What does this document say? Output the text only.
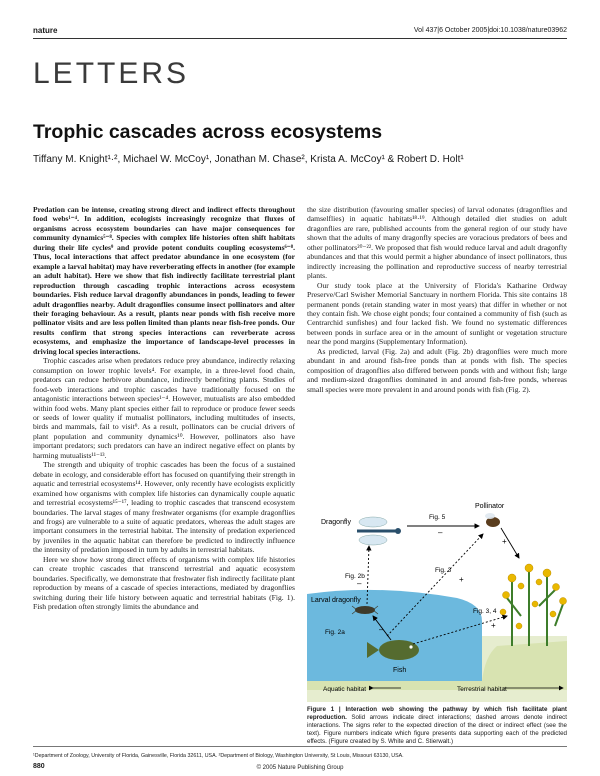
nature	Vol 437|6 October 2005|doi:10.1038/nature03962
LETTERS
Trophic cascades across ecosystems
Tiffany M. Knight¹·², Michael W. McCoy¹, Jonathan M. Chase², Krista A. McCoy¹ & Robert D. Holt¹

Predation can be intense, creating strong direct and indirect effects throughout food webs¹⁻⁴. In addition, ecologists increasingly recognize that fluxes of organisms across ecosystem boundaries can have major consequences for community dynamics⁵⁻⁸. Species with complex life histories often shift habitats during their life cycles⁹ and provide potent conduits coupling ecosystems⁶⁻⁸. Thus, local interactions that affect predator abundance in one ecosystem (for example a larval habitat) may have reverberating effects in another (for example an adult habitat). Here we show that fish indirectly facilitate terrestrial plant reproduction through cascading trophic interactions across ecosystem boundaries. Fish reduce larval dragonfly abundances in ponds, leading to fewer adult dragonflies nearby. Adult dragonflies consume insect pollinators and alter their foraging behaviour. As a result, plants near ponds with fish receive more pollinator visits and are less pollen limited than plants near fish-free ponds. Our results confirm that strong species interactions can reverberate across ecosystems, and emphasize the importance of landscape-level processes in driving local species interactions.

Trophic cascades arise when predators reduce prey abundance, indirectly relaxing consumption on lower trophic levels⁴. For example, in a three-level food chain, predators can reduce herbivore abundance, indirectly benefiting plants. Studies of food-web interactions and trophic cascades have traditionally focused on the antagonistic interactions between species¹⁻⁴. However, mutualists are also embedded within food webs. Many plant species either fail to reproduce or produce fewer seeds or seeds of lower quality if mutualist pollinators, including multitudes of insects, birds and mammals, fail to visit⁹. As a result, pollinators can be crucial drivers of plant population and community dynamics¹⁰. However, pollinators also have important predators; such predators can have an indirect negative effect on plants by harming mutualists¹¹⁻¹³.

The strength and ubiquity of trophic cascades has been the focus of a sustained debate in ecology, and considerable effort has focused on quantifying their strength in aquatic and terrestrial ecosystems¹⁴. However, only recently have ecologists explicitly examined how organisms with complex life histories can dynamically couple aquatic and terrestrial ecosystems¹⁵⁻¹⁷, leading to trophic cascades that transcend ecosystem boundaries. The larval stages of many freshwater organisms (for example dragonflies and frogs) are vulnerable to a suite of aquatic predators, whereas the adult stages are important consumers in the terrestrial habitat. The intensity of predation experienced by juveniles in the aquatic habitat can therefore be predicted to indirectly influence the intensity of predation imposed in turn by adults in terrestrial habitats.

Here we show how strong direct effects of organisms with complex life histories can create trophic cascades that transcend terrestrial and aquatic ecosystem boundaries. Specifically, we demonstrate that freshwater fish indirectly facilitate plant reproduction by means of a cascade of species interactions, mediated by dragonflies switching during their life history between aquatic and terrestrial habitats (Fig. 1). Fish predation often strongly limits the abundance and

the size distribution (favouring smaller species) of larval odonates (dragonflies and damselflies) in aquatic habitats¹⁸·¹⁹. Although detailed diet studies on adult dragonflies are rare, published accounts from the general region of our study have shown that the adults of many dragonfly species are voracious predators of bees and other pollinators²⁰⁻²². We proposed that fish would reduce larval and adult dragonfly abundances and that this would permit a higher abundance of insect pollinators, thus indirectly increasing the pollination and reproductive success of nearby terrestrial plants.

Our study took place at the University of Florida's Katharine Ordway Preserve/Carl Swisher Memorial Sanctuary in northern Florida. This site contains 18 permanent ponds (retain standing water in most years) that differ in whether or not they contain fish. We chose eight ponds; four contained a community of fish (such as Centrarchid sunfishes) and four lacked fish. We found no systematic differences between ponds in surface area or in the amount of sunlight or vegetation structure near the pond margins (Supplementary Information).

As predicted, larval (Fig. 2a) and adult (Fig. 2b) dragonflies were much more abundant in and around fish-free ponds than at ponds with fish. The species composition of dragonflies also differed between ponds with and without fish; large and medium-sized dragonflies dominated in and around fish-free ponds, whereas small species were more prevalent in and around ponds with fish (Fig. 2).

Dragonfly
Pollinator
Larval dragonfly
Fish
Fig. 5
–
+
Fig. 3
+
Fig. 3, 4
+
Fig. 2b
Fig. 2a	–
–
Aquatic habitat	Terrestrial habitat
Figure 1 | Interaction web showing the pathway by which fish facilitate plant reproduction. Solid arrows indicate direct interactions; dashed arrows denote indirect interactions. The signs refer to the expected direction of the direct or indirect effect (see the text). Figure numbers indicate which figure presents data supporting each of the predicted effects. (Figure created by S. White and C. Stierwalt.)
¹Department of Zoology, University of Florida, Gainesville, Florida 32611, USA. ²Department of Biology, Washington University, St Louis, Missouri 63130, USA.
880	© 2005 Nature Publishing Group
